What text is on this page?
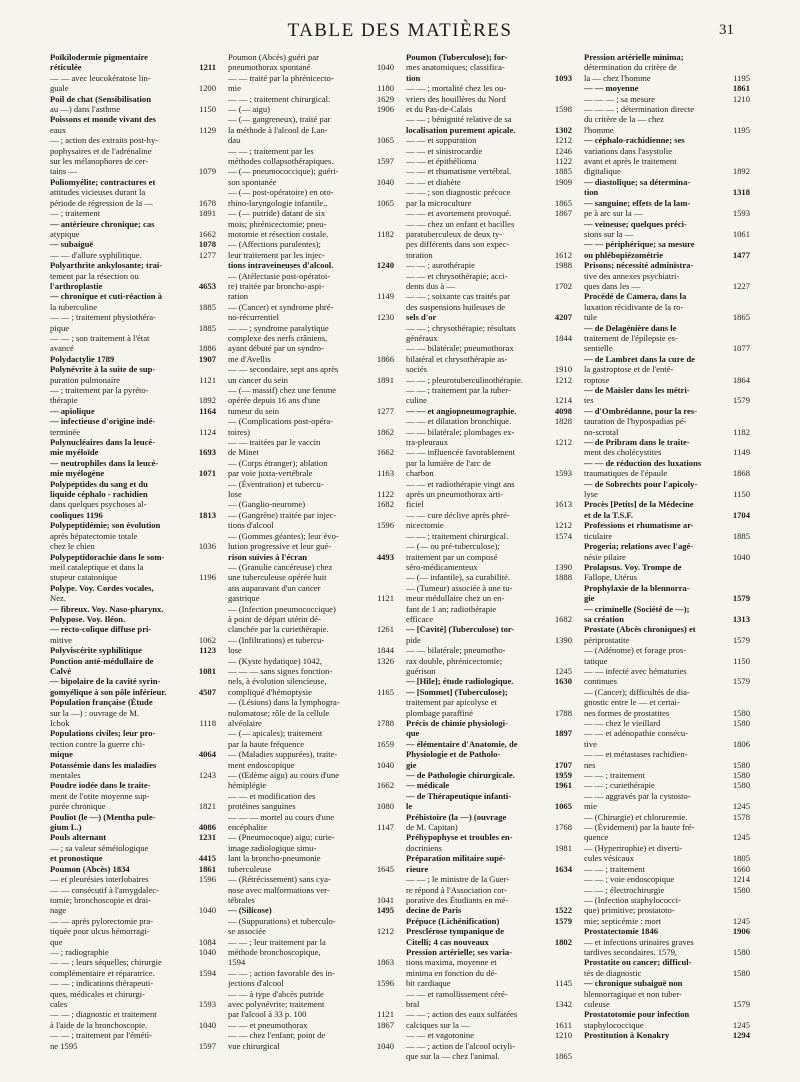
TABLE DES MATIÈRES	31
Poïkilodermie pigmentaire
réticulée	1211
— — avec leucokératose lin-
guale	1200
Poil de chat (Sensibilisation
au —) dans l'asthme	1150
Poissons et monde vivant des
eaux	1129
— ; action des extraits post-hy-
pophysaires et de l'adrénaline
sur les mélanophores de cer-
tains —	1079
Poliomyélite; contractures et
attitudes vicieuses durant la
période de régression de la —	1678
— ; traitement	1891
— antérieure chronique; cas
atypique	1662
— subaiguë	1078
— — d'allure syphilitique.	1277
Polyarthrite ankylosante; trai-
tement par la résection ou
l'arthroplastie	4653
— chronique et cuti-réaction à
la tuberculine	1885
— — ; traitement physiothéra-
pique	1885
— — ; son traitement à l'état
avancé	1886
Polydactylie 1789	1907
Polynévrite à la suite de sup-
puration pulmonaire	1121
— ; traitement par la pyréto-
thérapie	1892
— apiolique	1164
— infectieuse d'origine indé-
terminée	1124
Polynucléaires dans la leucé-
mie myéloïde	1693
— neutrophiles dans la leucé-
mie myélogène	1071
Polypeptides du sang et du
liquide céphalo - rachidien
dans quelques psychoses al-
cooliques 1196	1813
Polypeptidémie; son évolution
après hépatectomie totale
chez le chien	1036
Polypeptidorachie dans le som-
meil cataleptique et dans la
stupeur catatonique	1196
Polype. Voy. Cordes vocales,
Nez.
— fibreux. Voy. Naso-pharynx.
Polypose. Voy. Iléon.
— recto-colique diffuse pri-
mitive	1062
Polyviscérite syphilitique	1123
Ponction anté-médullaire de
Calvé	1081
— bipolaire de la cavité syrin-
gomyélique à son pôle inférieur.	4507
Population française (Étude
sur la —) : ouvrage de M.
Ichok	1118
Populations civiles; leur pro-
tection contre la guerre chi-
mique	4064
Potassémie dans les maladies
mentales	1243
Poudre iodée dans le traite-
ment de l'otite moyenne sup-
purée chronique	1821
Pouliot (le —) (Mentha pule-
gium L.)	4086
Pouls alternant	1231
— ; sa valeur séméiologique
et pronostique	4415
Poumon (Abcès) 1834	1861
— et pleurésies interlobaires	1596
— — consécutif à l'amygdalec-
tomie; bronchoscopie et drai-
nage	1040
— — après pylorectomie pra-
tiquée pour ulcus hémorragi-
que	1084
— ; radiographie	1040
— — ; leurs séquelles; chirurgie
complémentaire et réparatrice.	1594
— — ; indications thérapeuti-
ques, médicales et chirurgi-
cales	1593
— — ; diagnostic et traitement
à l'aide de la bronchoscopie.	1040
— — ; traitement par l'émétì-
ne 1595	1597
Poumon (Abcès) guéri par
pneumothorax spontané	1040
— — traité par la phrénicecto-
mie	1180
— — ; traitement chirurgical.	1629
— (— aigu)	1906
— (— gangreneux), traité par
la méthode à l'alcool de Lan-
dau	1065
— — ; traitement par les
méthodes collapsothérapiques.	1597
— (— pneumococcique); guéri-
son spontanée	1040
— (— post-opératoire) en oto-
rhino-laryngologie infantile..	1065
— (— putride) datant de six
mois; phrénicectomie; pneu-
motomie et résection costale.	1182
— (Affections purulentes);
leur traitement par les injec-
tions intraveineuses d'alcool.	1240
— (Atélectasie post-opératoi-
re) traitée par broncho-aspi-
ration	1149
— (Cancer) et syndrome phré-
no-récurrentiel	1230
— — ; syndrome paralytique
complexe des nerfs crâniens,
ayant débuté par un syndro-
me d'Avellis	1866
— — secondaire, sept ans après
un cancer du sein	1891
— (— massif) chez une femme
opérée depuis 16 ans d'une
tumeur du sein	1277
— (Complications post-opéra-
toires)	1862
— — traitées par le vaccin
de Minet	1662
— (Corps étranger); ablation
par voie juxta-vertébrale	1163
— (Éventration) et tubercu-
lose	1122
— (Ganglio-neurome)	1682
— (Gangrène) traitée par injec-
tions d'alcool	1596
— (Gommes géantes); leur évo-
lution progressive et leur gué-
rison suivies à l'écran	4493
— (Granulie cancéreuse) chez
une tuberculeuse opérée huit
ans auparavant d'un cancer
gastrique	1121
— (Infection pneumococcique)
à point de départ utérin dé-
clanchée par la curiethérapie.	1261
— (Infiltrations) et tubercu-
lose	1844
— (Kyste hydatique) 1042,	1326
— — — sans signes fonction-
nels, à évolution silencieuse,
compliqué d'hémoptysie	1165
— (Lésions) dans la lymphogra-
nulomatose; rôle de la cellule
alvéolaire	1788
— (— apicales); traitement
par la haute fréquence	1659
— (Maladies suppurées), traite-
ment endoscopique	1040
— (Œdème aigu) au cours d'une
hémiplégie	1662
— — et modification des
protéines sanguines	1080
— — — mortel au cours d'une
encéphalite	1147
— (Pneumocoque) aigu; curie-
image radiologique simu-
lant la broncho-pneumonie
tuberculeuse	1645
— (Rétrécissement) sans cya-
nose avec malformations ver-
tébrales	1041
— (Silicose)	1495
— (Suppurations) et tuberculo-
se associée	1212
— — ; leur traitement par la
méthode bronchoscopique,
1594	1863
— — ; action favorable des in-
jections d'alcool	1596
— — à type d'abcès putride
avec polynévrite; traitement
par l'alcool à 33 p. 100	1121
— — et pneumothorax	1867
— — chez l'enfant; point de
vue chirurgical	1040
Poumon (Tuberculose); for-
mes anatomiques; classifica-
tion	1093
— — ; mortalité chez les ou-
vriers des houillères du Nord
et du Pas-de-Calais	1598
— — ; bénignité relative de sa
localisation purement apicale.	1302
— — et suppuration	1212
— — et sinistrocardie	1246
— — et épithélioma	1122
— — et rhumatisme vertébral.	1885
— — et diabète	1909
— — ; son diagnostic précoce
par la microculture	1865
— — et avortement provoqué.	1867
— — chez un enfant et bacilles
paratuberculeux de deux ty-
pes différents dans son expec-
toration	1612
— — ; aurothérapie	1988
— — et chrysothérapie; acci-
dents dus à —	1702
— — ; soixante cas traités par
des suspensions huileuses de
sels d'or	4207
— — ; chrysothérapie; résultats
généraux	1844
— — bilatérale; pneumothorax
bilatéral et chrysothérapie as-
sociés	1910
— — ; pleurotuberculinothérapie.	1212
— — ; traitement par la tuber-
culine	1214
— — et angiopneumographie.	4098
— — et dilatation bronchique.	1828
— — bilatérale; plombages ex-
tra-pleuraux	1212
— — influencée favorablement
par la lumière de l'arc de
charbon	1593
— — et radiothérapie vingt ans
après un pneumothorax arti-
ficiel	1613
— — cure déclive après phré-
nicectomie	1212
— — ; traitement chirurgical.	1574
— (— ou pré-tuberculose);
traitement par un composé
séro-médicamenteux	1390
— (— infantile), sa curabilité.	1888
— (Tumeur) associée à une tu-
meur médullaire chez un en-
fant de 1 an; radiothérapie
efficace	1682
— [Cavité] (Tuberculose) tor-
pide	1390
— — bilatérale; pneumotho-
rax double, phrénicectomie;
guérison	1245
— [Hile]; étude radiologique.	1630
— [Sommet] (Tuberculose);
traitement par apicolyse et
plombage paraffiné	1788
Précis de chimie physiologi-
que	1897
— élémentaire d'Anatomie, de
Physiologie et de Patholo-
gie	1707
— de Pathologie chirurgicale.	1959
— médicale	1961
— de Thérapeutique infanti-
le	1065
Préhistoire (la —) (ouvrage
de M. Capitan)	1768
Préhypophyse et troubles en-
docriniens	1981
Préparation militaire supé-
rieure	1634
— — ; le ministre de la Guer-
re répond à l'Association cor-
porative des Étudiants en mé-
decine de Paris	1522
Prépuce (Lichénification)	1579
Presclérose tympanique de
Citelli; 4 cas nouveaux	1802
Pression artérielle; ses varia-
tions maxima, moyenne et
minima en fonction du dé-
bit cardiaque	1145
— — et ramollissement céré-
bral	1342
— — ; action des eaux sulfatées
calciques sur la —	1611
— — et vagotonine	1210
— — ; action de l'alcool octyli-
que sur la — chez l'animal.	1865
Pression artérielle minima;
détermination du critère de
la — chez l'homme	1195
— — moyenne	1861
— — — ; sa mesure	1210
— — — ; détermination directe
du critère de la — chez
l'homme	1195
— céphalo-rachidienne; ses
variations dans l'asystolie
avant et après le traitement
digitalique	1892
— diastolique; sa détermina-
tion	1318
— sanguine; effets de la lam-
pe à arc sur la —	1593
— veineuse; quelques préci-
sions sur la —	1061
— — périphérique; sa mesure
ou phlébopiézométrie	1477
Prisons; nécessité administra-
tive des annexes psychiatri-
ques dans les —	1227
Procédé de Camera, dans la
luxation récidivante de la ro-
tule	1865
— de Delagénière dans le
traitement de l'épilepsie es-
sentielle	1077
— de Lambret dans la cure de
la gastroptose et de l'enté-
roptose	1864
— de Maisler dans les métri-
tes	1579
— d'Ombrédanne, pour la res-
tauration de l'hypospadias pé-
no-scrotal	1182
— de Pribram dans le traite-
ment des cholécystites	1149
— — de réduction des luxations
traumatiques de l'épaule	1868
— de Sobrechts pour l'apicoly-
lyse	1150
Procès [Petits] de la Médecine
et de la T.S.F.	1704
Professions et rhumatisme ar-
ticulaire	1885
Progeria; relations avec l'agé-
nésie pilaire	1040
Prolapsus. Voy. Trompe de
Fallope, Utérus
Prophylaxie de la blennorra-
gie	1579
— criminelle (Société de —);
sa création	1313
Prostate (Abcès chroniques) et
périprostatite	1579
— (Adénome) et forage pros-
tatique	1150
— — infecté avec hématuries
continues	1579
— (Cancer); difficultés de dia-
gnostic entre le — et certai-
nes formes de prostatites	1580
— — chez le vieillard	1580
— — et adénopathie consécu-
tive	1806
— — et métastases rachidien-
nes	1580
— — ; traitement	1580
— — ; curiethérapie	1580
— — aggravés par la cystosto-
mie	1245
— (Chirurgie) et chloruremie.	1578
— (Évidement) par la haute fré-
quence	1245
— (Hypertrophie) et diverti-
cules vésicaux	1805
— — ; traitement	1660
— — ; voie endoscopique	1214
— — ; électrochirurgie	1580
— (Infection staphylococci-
que) primitive; prostatoto-
mie; septicémie : mort	1245
Prostatectomie 1846	1906
— et infections urinaires graves
tardives secondaires. 1579,	1580
Prostatite ou cancer; difficul-
tés de diagnostic	1580
— chronique subaiguë non
blennorragique et non tuber-
culeuse	1579
Prostatotomie pour infection
staphylococcique	1245
Prostitution à Konakry	1294
